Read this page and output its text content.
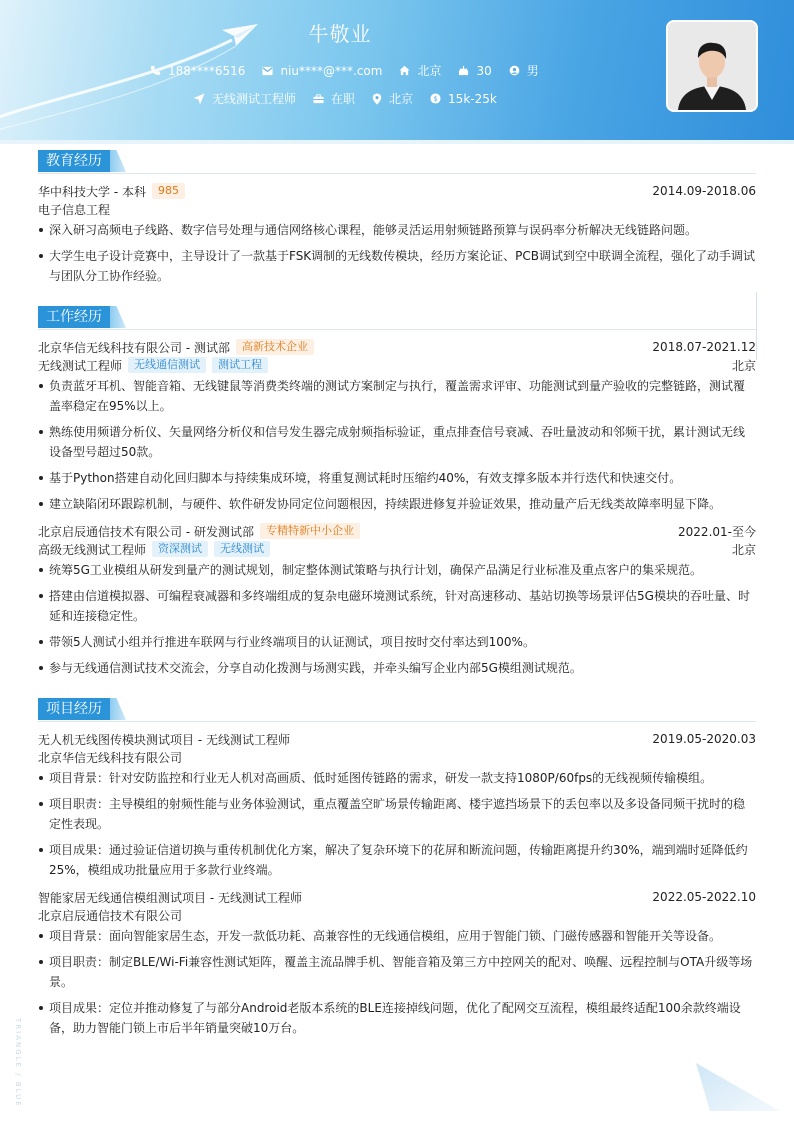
牛敬业
188****6516	niu****@***.com	北京	30	男
无线测试工程师	在职	北京	$ 15k-25k
教育经历
华中科技大学 - 本科	985	2014.09-2018.06
电子信息工程
深入研习高频电子线路、数字信号处理与通信网络核心课程，能够灵活运用射频链路预算与误码率分析解决无线链路问题。
大学生电子设计竞赛中，主导设计了一款基于FSK调制的无线数传模块，经历方案论证、PCB调试到空中联调全流程，强化了动手调试与团队分工协作经验。
工作经历
北京华信无线科技有限公司 - 测试部	高新技术企业	2018.07-2021.12
无线测试工程师	无线通信测试	测试工程	北京
负责蓝牙耳机、智能音箱、无线键鼠等消费类终端的测试方案制定与执行，覆盖需求评审、功能测试到量产验收的完整链路，测试覆盖率稳定在95%以上。
熟练使用频谱分析仪、矢量网络分析仪和信号发生器完成射频指标验证，重点排查信号衰减、吞吐量波动和邻频干扰，累计测试无线设备型号超过50款。
基于Python搭建自动化回归脚本与持续集成环境，将重复测试耗时压缩约40%，有效支撑多版本并行迭代和快速交付。
建立缺陷闭环跟踪机制，与硬件、软件研发协同定位问题根因，持续跟进修复并验证效果，推动量产后无线类故障率明显下降。
北京启辰通信技术有限公司 - 研发测试部	专精特新中小企业	2022.01-至今
高级无线测试工程师	资深测试	无线测试	北京
统筹5G工业模组从研发到量产的测试规划，制定整体测试策略与执行计划，确保产品满足行业标准及重点客户的集采规范。
搭建由信道模拟器、可编程衰减器和多终端组成的复杂电磁环境测试系统，针对高速移动、基站切换等场景评估5G模块的吞吐量、时延和连接稳定性。
带领5人测试小组并行推进车联网与行业终端项目的认证测试，项目按时交付率达到100%。
参与无线通信测试技术交流会，分享自动化拨测与场测实践，并牵头编写企业内部5G模组测试规范。
项目经历
无人机无线图传模块测试项目 - 无线测试工程师	2019.05-2020.03
北京华信无线科技有限公司
项目背景：针对安防监控和行业无人机对高画质、低时延图传链路的需求，研发一款支持1080P/60fps的无线视频传输模组。
项目职责：主导模组的射频性能与业务体验测试，重点覆盖空旷场景传输距离、楼宇遮挡场景下的丢包率以及多设备同频干扰时的稳定性表现。
项目成果：通过验证信道切换与重传机制优化方案，解决了复杂环境下的花屏和断流问题，传输距离提升约30%，端到端时延降低约25%，模组成功批量应用于多款行业终端。
智能家居无线通信模组测试项目 - 无线测试工程师	2022.05-2022.10
北京启辰通信技术有限公司
项目背景：面向智能家居生态，开发一款低功耗、高兼容性的无线通信模组，应用于智能门锁、门磁传感器和智能开关等设备。
项目职责：制定BLE/Wi-Fi兼容性测试矩阵，覆盖主流品牌手机、智能音箱及第三方中控网关的配对、唤醒、远程控制与OTA升级等场景。
项目成果：定位并推动修复了与部分Android老版本系统的BLE连接掉线问题，优化了配网交互流程，模组最终适配100余款终端设备，助力智能门锁上市后半年销量突破10万台。
TRIANGLE / BLUE
